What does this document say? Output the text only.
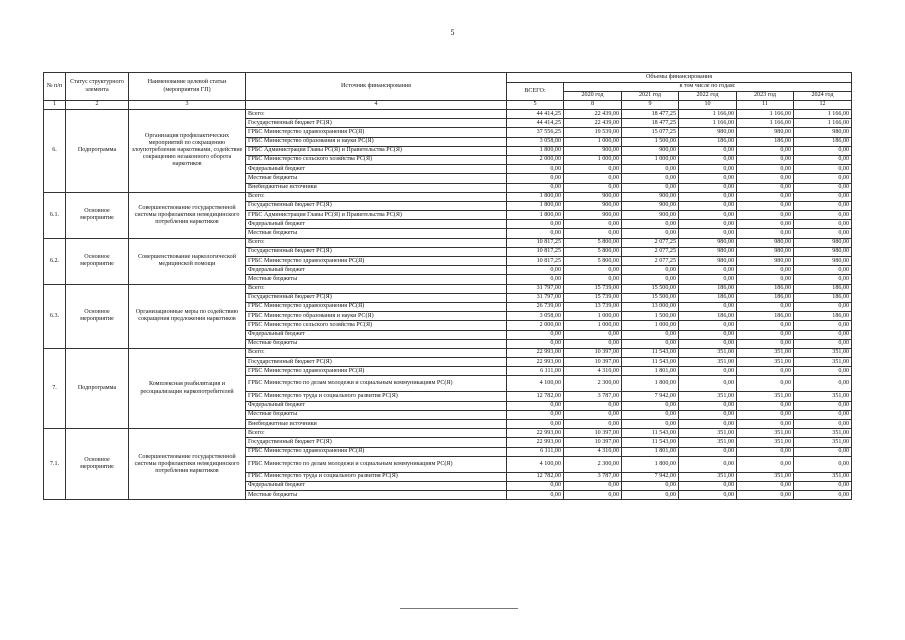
5
№ п/п	Статус структурного элемента	Наименование целевой статьи (мероприятия ГП)	Источник финансирования	Объемы финансирования					
				ВСЕГО:	в том числе по годам:				
					2020 год	2021 год	2022 год	2023 год	2024 год
1	2	3	4	5	8	9	10	11	12
6.	Подпрограмма	Организация профилактических мероприятий по сокращению злоупотребления наркотиками, содействие сокращению незаконного оборота наркотиков	Всего:	44 414,25	22 439,00	18 477,25	1 166,00	1 166,00	1 166,00
			Государственный бюджет РС(Я)	44 414,25	22 439,00	18 477,25	1 166,00	1 166,00	1 166,00
			ГРБС Министерство здравоохранения РС(Я)	37 556,25	19 539,00	15 077,25	980,00	980,00	980,00
			ГРБС Министерство образования и науки РС(Я)	3 058,00	1 000,00	1 500,00	186,00	186,00	186,00
			ГРБС Администрация Главы РС(Я) и Правительства РС(Я)	1 800,00	900,00	900,00	0,00	0,00	0,00
			ГРБС Министерство сельского хозяйства РС(Я)	2 000,00	1 000,00	1 000,00	0,00	0,00	0,00
			Федеральный бюджет	0,00	0,00	0,00	0,00	0,00	0,00
			Местные бюджеты	0,00	0,00	0,00	0,00	0,00	0,00
			Внебюджетные источники	0,00	0,00	0,00	0,00	0,00	0,00
6.1.	Основное мероприятие	Совершенствование государственной системы профилактики немедицинского потребления наркотиков	Всего:	1 800,00	900,00	900,00	0,00	0,00	0,00
			Государственный бюджет РС(Я)	1 800,00	900,00	900,00	0,00	0,00	0,00
			ГРБС Администрация Главы РС(Я) и Правительства РС(Я)	1 800,00	900,00	900,00	0,00	0,00	0,00
			Федеральный бюджет	0,00	0,00	0,00	0,00	0,00	0,00
			Местные бюджеты	0,00	0,00	0,00	0,00	0,00	0,00
6.2.	Основное мероприятие	Совершенствование наркологической медицинской помощи	Всего:	10 817,25	5 800,00	2 077,25	980,00	980,00	980,00
			Государственный бюджет РС(Я)	10 817,25	5 800,00	2 077,25	980,00	980,00	980,00
			ГРБС Министерство здравоохранения РС(Я)	10 817,25	5 800,00	2 077,25	980,00	980,00	980,00
			Федеральный бюджет	0,00	0,00	0,00	0,00	0,00	0,00
			Местные бюджеты	0,00	0,00	0,00	0,00	0,00	0,00
6.3.	Основное мероприятие	Организационные меры по содействию сокращения предложения наркотиков	Всего:	31 797,00	15 739,00	15 500,00	186,00	186,00	186,00
			Государственный бюджет РС(Я)	31 797,00	15 739,00	15 500,00	186,00	186,00	186,00
			ГРБС Министерство здравоохранения РС(Я)	26 739,00	13 739,00	13 000,00	0,00	0,00	0,00
			ГРБС Министерство образования и науки РС(Я)	3 058,00	1 000,00	1 500,00	186,00	186,00	186,00
			ГРБС Министерство сельского хозяйства РС(Я)	2 000,00	1 000,00	1 000,00	0,00	0,00	0,00
			Федеральный бюджет	0,00	0,00	0,00	0,00	0,00	0,00
			Местные бюджеты	0,00	0,00	0,00	0,00	0,00	0,00
7.	Подпрограмма	Комплексная реабилитация и ресоциализация наркопотребителей	Всего:	22 993,00	10 397,00	11 543,00	351,00	351,00	351,00
			Государственный бюджет РС(Я)	22 993,00	10 397,00	11 543,00	351,00	351,00	351,00
			ГРБС Министерство здравоохранения РС(Я)	6 111,00	4 310,00	1 801,00	0,00	0,00	0,00
			ГРБС Министерство по делам молодежи и социальным коммуникациям РС(Я)	4 100,00	2 300,00	1 800,00	0,00	0,00	0,00
			ГРБС Министерство труда и социального развития РС(Я)	12 782,00	3 787,00	7 942,00	351,00	351,00	351,00
			Федеральный бюджет	0,00	0,00	0,00	0,00	0,00	0,00
			Местные бюджеты	0,00	0,00	0,00	0,00	0,00	0,00
			Внебюджетные источники	0,00	0,00	0,00	0,00	0,00	0,00
7.1.	Основное мероприятие	Совершенствование государственной системы профилактики немедицинского потребления наркотиков	Всего:	22 993,00	10 397,00	11 543,00	351,00	351,00	351,00
			Государственный бюджет РС(Я)	22 993,00	10 397,00	11 543,00	351,00	351,00	351,00
			ГРБС Министерство здравоохранения РС(Я)	6 111,00	4 310,00	1 801,00	0,00	0,00	0,00
			ГРБС Министерство по делам молодежи и социальным коммуникациям РС(Я)	4 100,00	2 300,00	1 800,00	0,00	0,00	0,00
			ГРБС Министерство труда и социального развития РС(Я)	12 782,00	3 787,00	7 942,00	351,00	351,00	351,00
			Федеральный бюджет	0,00	0,00	0,00	0,00	0,00	0,00
			Местные бюджеты	0,00	0,00	0,00	0,00	0,00	0,00
